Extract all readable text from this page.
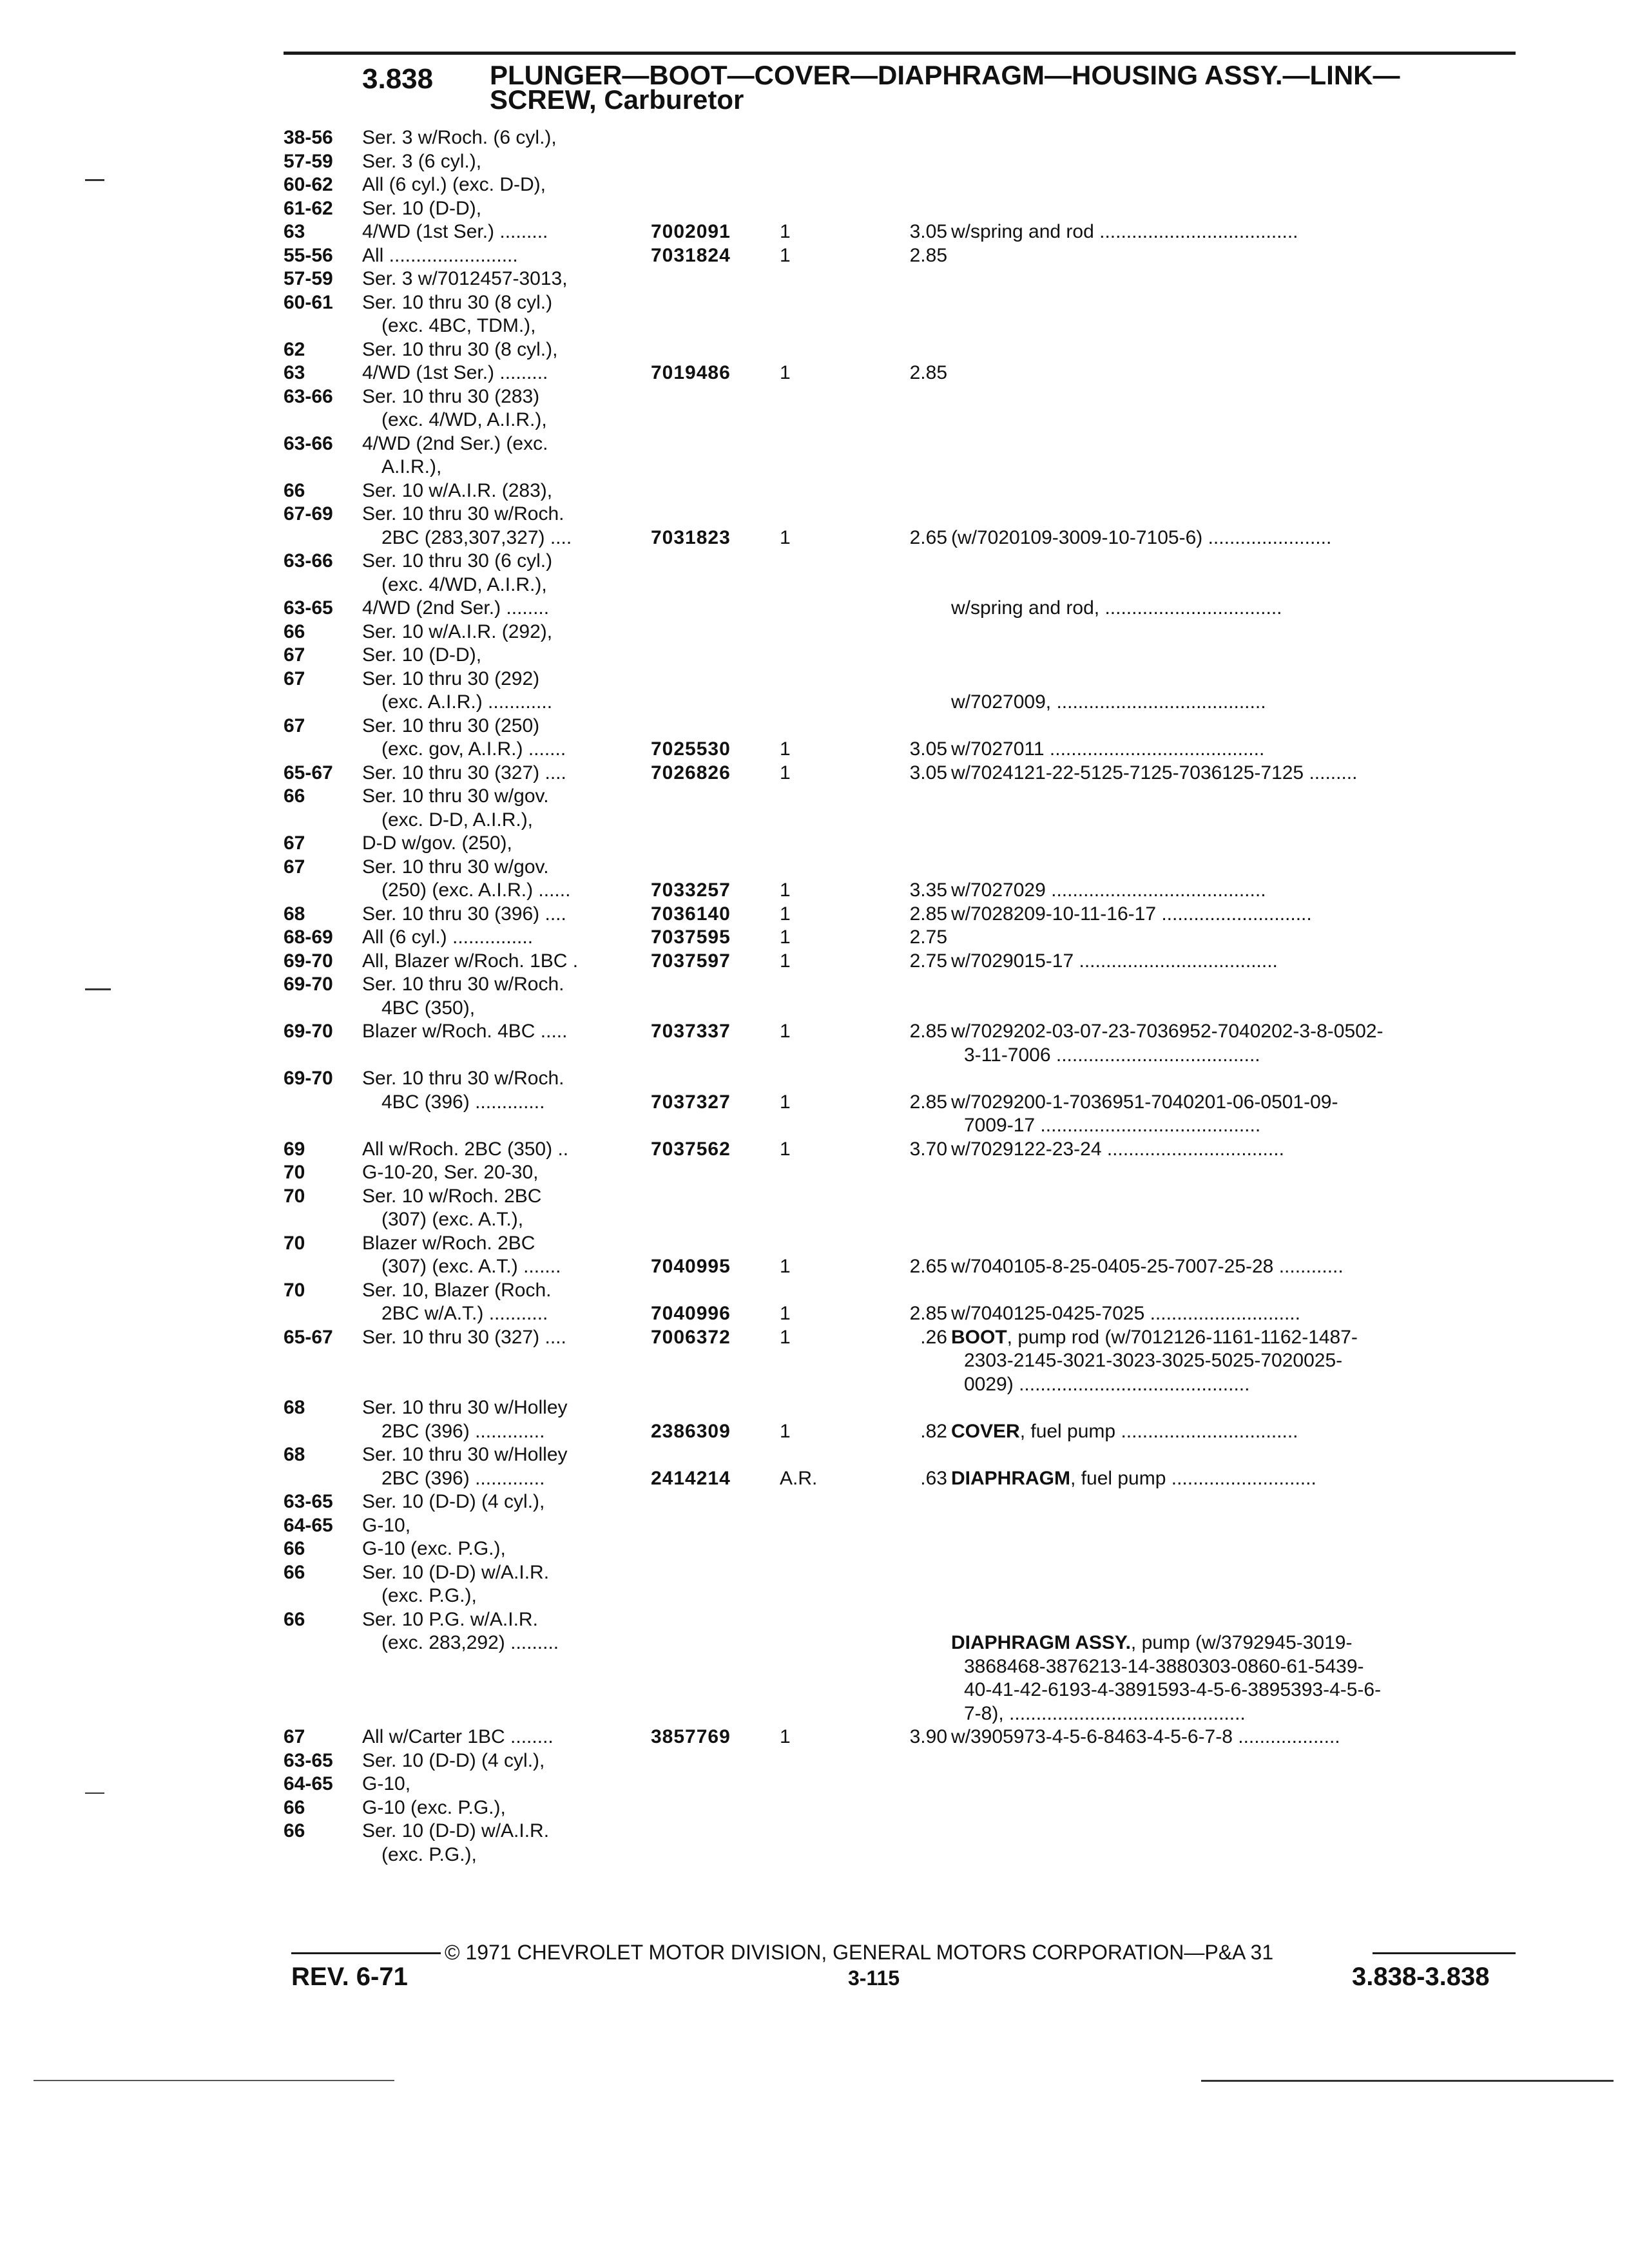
3.838 PLUNGER—BOOT—COVER—DIAPHRAGM—HOUSING ASSY.—LINK—SCREW, Carburetor
38-56 Ser. 3 w/Roch. (6 cyl.),
57-59 Ser. 3 (6 cyl.),
60-62 All (6 cyl.) (exc. D-D),
61-62 Ser. 10 (D-D),
63	4/WD (1st Ser.) .........	7002091	1	3.05 w/spring and rod .....................................
55-56 All ........................	7031824	1	2.85
57-59 Ser. 3 w/7012457-3013,
60-61 Ser. 10 thru 30 (8 cyl.)
(exc. 4BC, TDM.),
62	Ser. 10 thru 30 (8 cyl.),
63	4/WD (1st Ser.) .........	7019486	1	2.85
63-66 Ser. 10 thru 30 (283)
(exc. 4/WD, A.I.R.),
63-66 4/WD (2nd Ser.) (exc.
A.I.R.),
66	Ser. 10 w/A.I.R. (283),
67-69 Ser. 10 thru 30 w/Roch.
2BC (283,307,327) ....	7031823	1	2.65 (w/7020109-3009-10-7105-6) .......................
63-66 Ser. 10 thru 30 (6 cyl.)
(exc. 4/WD, A.I.R.),
63-65 4/WD (2nd Ser.) ........	w/spring and rod, .................................
66	Ser. 10 w/A.I.R. (292),
67	Ser. 10 (D-D),
67	Ser. 10 thru 30 (292)
(exc. A.I.R.) ............	w/7027009, .......................................
67	Ser. 10 thru 30 (250)
(exc. gov, A.I.R.) .......	7025530	1	3.05 w/7027011 ........................................
65-67 Ser. 10 thru 30 (327) ....	7026826	1	3.05 w/7024121-22-5125-7125-7036125-7125 .........
66	Ser. 10 thru 30 w/gov.
(exc. D-D, A.I.R.),
67	D-D w/gov. (250),
67	Ser. 10 thru 30 w/gov.
(250) (exc. A.I.R.) ......	7033257	1	3.35 w/7027029 ........................................
68	Ser. 10 thru 30 (396) ....	7036140	1	2.85 w/7028209-10-11-16-17 ............................
68-69 All (6 cyl.) ...............	7037595	1	2.75
69-70 All, Blazer w/Roch. 1BC .	7037597	1	2.75 w/7029015-17 .....................................
69-70 Ser. 10 thru 30 w/Roch.
4BC (350),
69-70 Blazer w/Roch. 4BC .....	7037337	1	2.85 w/7029202-03-07-23-7036952-7040202-3-8-0502-
3-11-7006 ......................................
69-70 Ser. 10 thru 30 w/Roch.
4BC (396) .............	7037327	1	2.85 w/7029200-1-7036951-7040201-06-0501-09-
7009-17 .........................................
69	All w/Roch. 2BC (350) ..	7037562	1	3.70 w/7029122-23-24 .................................
70	G-10-20, Ser. 20-30,
70	Ser. 10 w/Roch. 2BC
(307) (exc. A.T.),
70	Blazer w/Roch. 2BC
(307) (exc. A.T.) .......	7040995	1	2.65 w/7040105-8-25-0405-25-7007-25-28 ............
70	Ser. 10, Blazer (Roch.
2BC w/A.T.) ...........	7040996	1	2.85 w/7040125-0425-7025 ............................
65-67 Ser. 10 thru 30 (327) ....	7006372	1	.26 BOOT, pump rod (w/7012126-1161-1162-1487-
2303-2145-3021-3023-3025-5025-7020025-
0029) ...........................................
68	Ser. 10 thru 30 w/Holley
2BC (396) .............	2386309	1	.82 COVER, fuel pump .................................
68	Ser. 10 thru 30 w/Holley
2BC (396) .............	2414214	A.R.	.63 DIAPHRAGM, fuel pump ...........................
63-65 Ser. 10 (D-D) (4 cyl.),
64-65 G-10,
66	G-10 (exc. P.G.),
66	Ser. 10 (D-D) w/A.I.R.
(exc. P.G.),
66	Ser. 10 P.G. w/A.I.R.
(exc. 283,292) .........	DIAPHRAGM ASSY., pump (w/3792945-3019-
3868468-3876213-14-3880303-0860-61-5439-
40-41-42-6193-4-3891593-4-5-6-3895393-4-5-6-
7-8), ............................................
67	All w/Carter 1BC ........	3857769	1	3.90 w/3905973-4-5-6-8463-4-5-6-7-8 ...................
63-65 Ser. 10 (D-D) (4 cyl.),
64-65 G-10,
66	G-10 (exc. P.G.),
66	Ser. 10 (D-D) w/A.I.R.
(exc. P.G.),
© 1971 CHEVROLET MOTOR DIVISION, GENERAL MOTORS CORPORATION—P&A 31
REV. 6-71	3-115	3.838-3.838
